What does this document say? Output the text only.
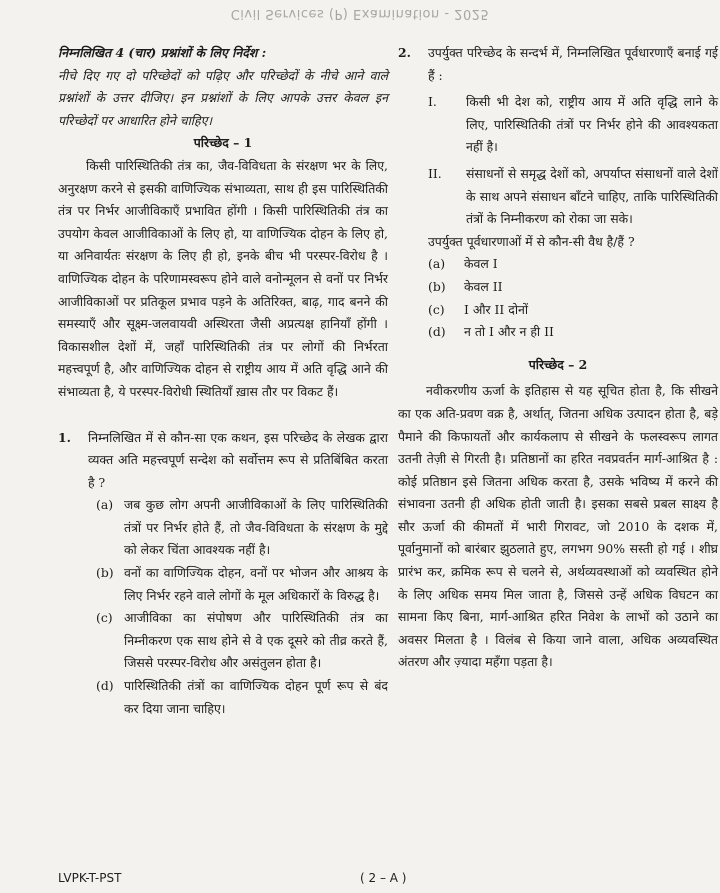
Civil Services (P) Examination - 2025

निम्नलिखित 4 (चार) प्रश्नांशों के लिए निर्देश :

नीचे दिए गए दो परिच्छेदों को पढ़िए और परिच्छेदों के नीचे आने वाले प्रश्नांशों के उत्तर दीजिए। इन प्रश्नांशों के लिए आपके उत्तर केवल इन परिच्छेदों पर आधारित होने चाहिए।

परिच्छेद – 1

किसी पारिस्थितिकी तंत्र का, जैव-विविधता के संरक्षण भर के लिए, अनुरक्षण करने से इसकी वाणिज्यिक संभाव्यता, साथ ही इस पारिस्थितिकी तंत्र पर निर्भर आजीविकाएँ प्रभावित होंगी । किसी पारिस्थितिकी तंत्र का उपयोग केवल आजीविकाओं के लिए हो, या वाणिज्यिक दोहन के लिए हो, या अनिवार्यतः संरक्षण के लिए ही हो, इनके बीच भी परस्पर-विरोध है । वाणिज्यिक दोहन के परिणामस्वरूप होने वाले वनोन्मूलन से वनों पर निर्भर आजीविकाओं पर प्रतिकूल प्रभाव पड़ने के अतिरिक्त, बाढ़, गाद बनने की समस्याएँ और सूक्ष्म-जलवायवी अस्थिरता जैसी अप्रत्यक्ष हानियाँ होंगी । विकासशील देशों में, जहाँ पारिस्थितिकी तंत्र पर लोगों की निर्भरता महत्त्वपूर्ण है, और वाणिज्यिक दोहन से राष्ट्रीय आय में अति वृद्धि आने की संभाव्यता है, ये परस्पर-विरोधी स्थितियाँ ख़ास तौर पर विकट हैं।

1.	निम्नलिखित में से कौन-सा एक कथन, इस परिच्छेद के लेखक द्वारा व्यक्त अति महत्त्वपूर्ण सन्देश को सर्वोत्तम रूप से प्रतिबिंबित करता है ?
(a) जब कुछ लोग अपनी आजीविकाओं के लिए पारिस्थितिकी तंत्रों पर निर्भर होते हैं, तो जैव-विविधता के संरक्षण के मुद्दे को लेकर चिंता आवश्यक नहीं है।
(b) वनों का वाणिज्यिक दोहन, वनों पर भोजन और आश्रय के लिए निर्भर रहने वाले लोगों के मूल अधिकारों के विरुद्ध है।
(c) आजीविका का संपोषण और पारिस्थितिकी तंत्र का निम्नीकरण एक साथ होने से वे एक दूसरे को तीव्र करते हैं, जिससे परस्पर-विरोध और असंतुलन होता है।
(d) पारिस्थितिकी तंत्रों का वाणिज्यिक दोहन पूर्ण रूप से बंद कर दिया जाना चाहिए।
2.	उपर्युक्त परिच्छेद के सन्दर्भ में, निम्नलिखित पूर्वधारणाएँ बनाई गई हैं :
I.	किसी भी देश को, राष्ट्रीय आय में अति वृद्धि लाने के लिए, पारिस्थितिकी तंत्रों पर निर्भर होने की आवश्यकता नहीं है।
II.	संसाधनों से समृद्ध देशों को, अपर्याप्त संसाधनों वाले देशों के साथ अपने संसाधन बाँटने चाहिए, ताकि पारिस्थितिकी तंत्रों के निम्नीकरण को रोका जा सके।

उपर्युक्त पूर्वधारणाओं में से कौन-सी वैध है/हैं ?

(a)	केवल I
(b)	केवल II
(c)	I और II दोनों
(d)	न तो I और न ही II

परिच्छेद – 2

नवीकरणीय ऊर्जा के इतिहास से यह सूचित होता है, कि सीखने का एक अति-प्रवण वक्र है, अर्थात्, जितना अधिक उत्पादन होता है, बड़े पैमाने की किफायतों और कार्यकलाप से सीखने के फलस्वरूप लागत उतनी तेज़ी से गिरती है। प्रतिष्ठानों का हरित नवप्रवर्तन मार्ग-आश्रित है : कोई प्रतिष्ठान इसे जितना अधिक करता है, उसके भविष्य में करने की संभावना उतनी ही अधिक होती जाती है। इसका सबसे प्रबल साक्ष्य है सौर ऊर्जा की कीमतों में भारी गिरावट, जो 2010 के दशक में, पूर्वानुमानों को बारंबार झुठलाते हुए, लगभग 90% सस्ती हो गई । शीघ्र प्रारंभ कर, क्रमिक रूप से चलने से, अर्थव्यवस्थाओं को व्यवस्थित होने के लिए अधिक समय मिल जाता है, जिससे उन्हें अधिक विघटन का सामना किए बिना, मार्ग-आश्रित हरित निवेश के लाभों को उठाने का अवसर मिलता है । विलंब से किया जाने वाला, अधिक अव्यवस्थित अंतरण और ज़्यादा महँगा पड़ता है।

LVPK-T-PST	( 2 – A )
